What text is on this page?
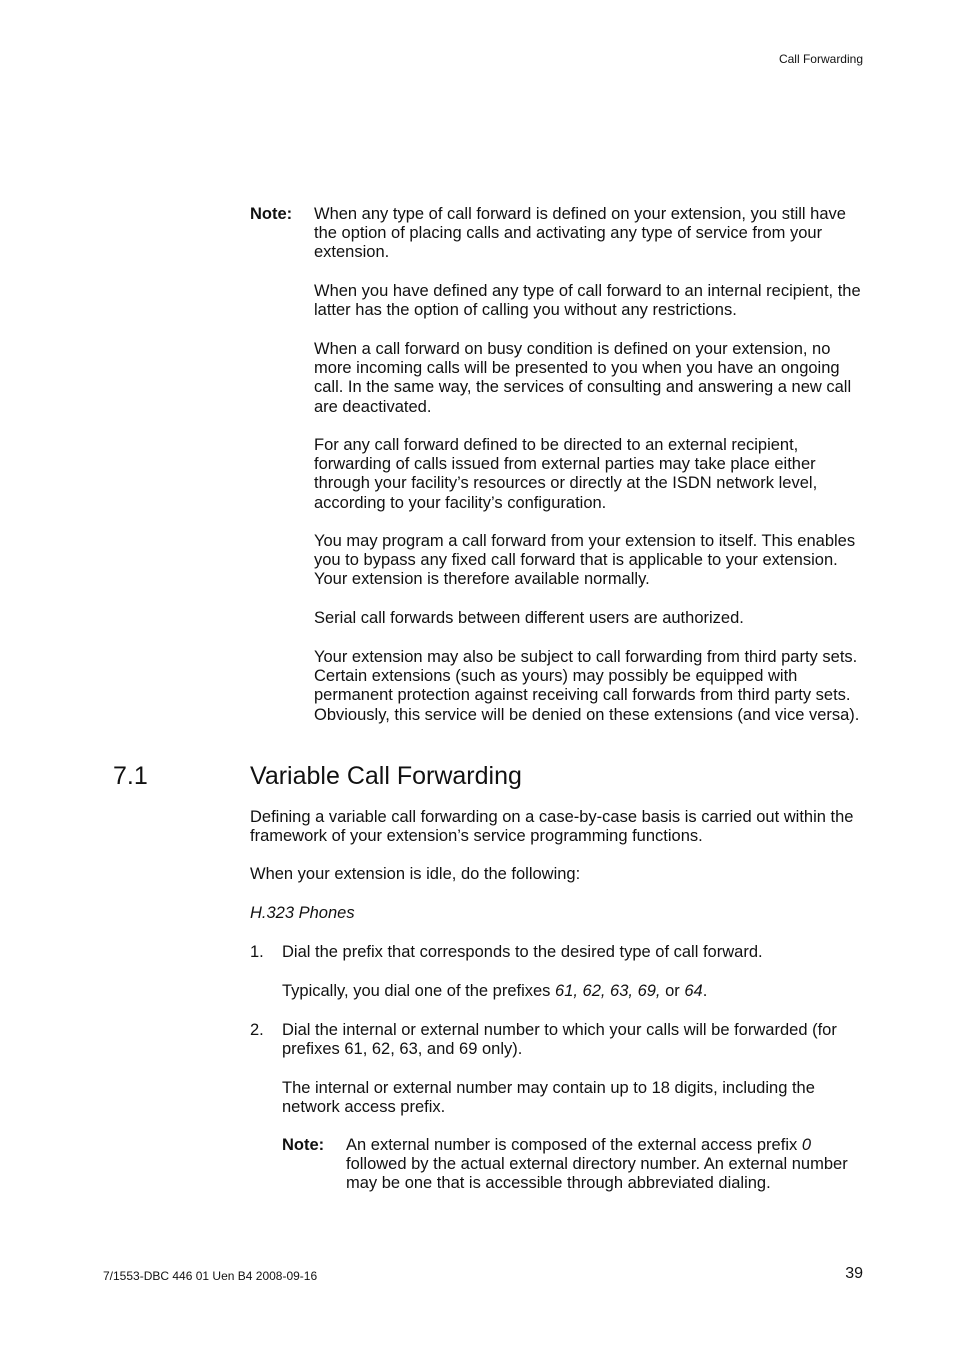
Call Forwarding
Note: When any type of call forward is defined on your extension, you still have the option of placing calls and activating any type of service from your extension.
When you have defined any type of call forward to an internal recipient, the latter has the option of calling you without any restrictions.
When a call forward on busy condition is defined on your extension, no more incoming calls will be presented to you when you have an ongoing call. In the same way, the services of consulting and answering a new call are deactivated.
For any call forward defined to be directed to an external recipient, forwarding of calls issued from external parties may take place either through your facility’s resources or directly at the ISDN network level, according to your facility’s configuration.
You may program a call forward from your extension to itself. This enables you to bypass any fixed call forward that is applicable to your extension. Your extension is therefore available normally.
Serial call forwards between different users are authorized.
Your extension may also be subject to call forwarding from third party sets. Certain extensions (such as yours) may possibly be equipped with permanent protection against receiving call forwards from third party sets. Obviously, this service will be denied on these extensions (and vice versa).
7.1	Variable Call Forwarding
Defining a variable call forwarding on a case-by-case basis is carried out within the framework of your extension’s service programming functions.
When your extension is idle, do the following:
H.323 Phones
1. Dial the prefix that corresponds to the desired type of call forward.
Typically, you dial one of the prefixes 61, 62, 63, 69, or 64.
2. Dial the internal or external number to which your calls will be forwarded (for prefixes 61, 62, 63, and 69 only).
The internal or external number may contain up to 18 digits, including the network access prefix.
Note: An external number is composed of the external access prefix 0 followed by the actual external directory number. An external number may be one that is accessible through abbreviated dialing.
7/1553-DBC 446 01 Uen B4 2008-09-16	39
